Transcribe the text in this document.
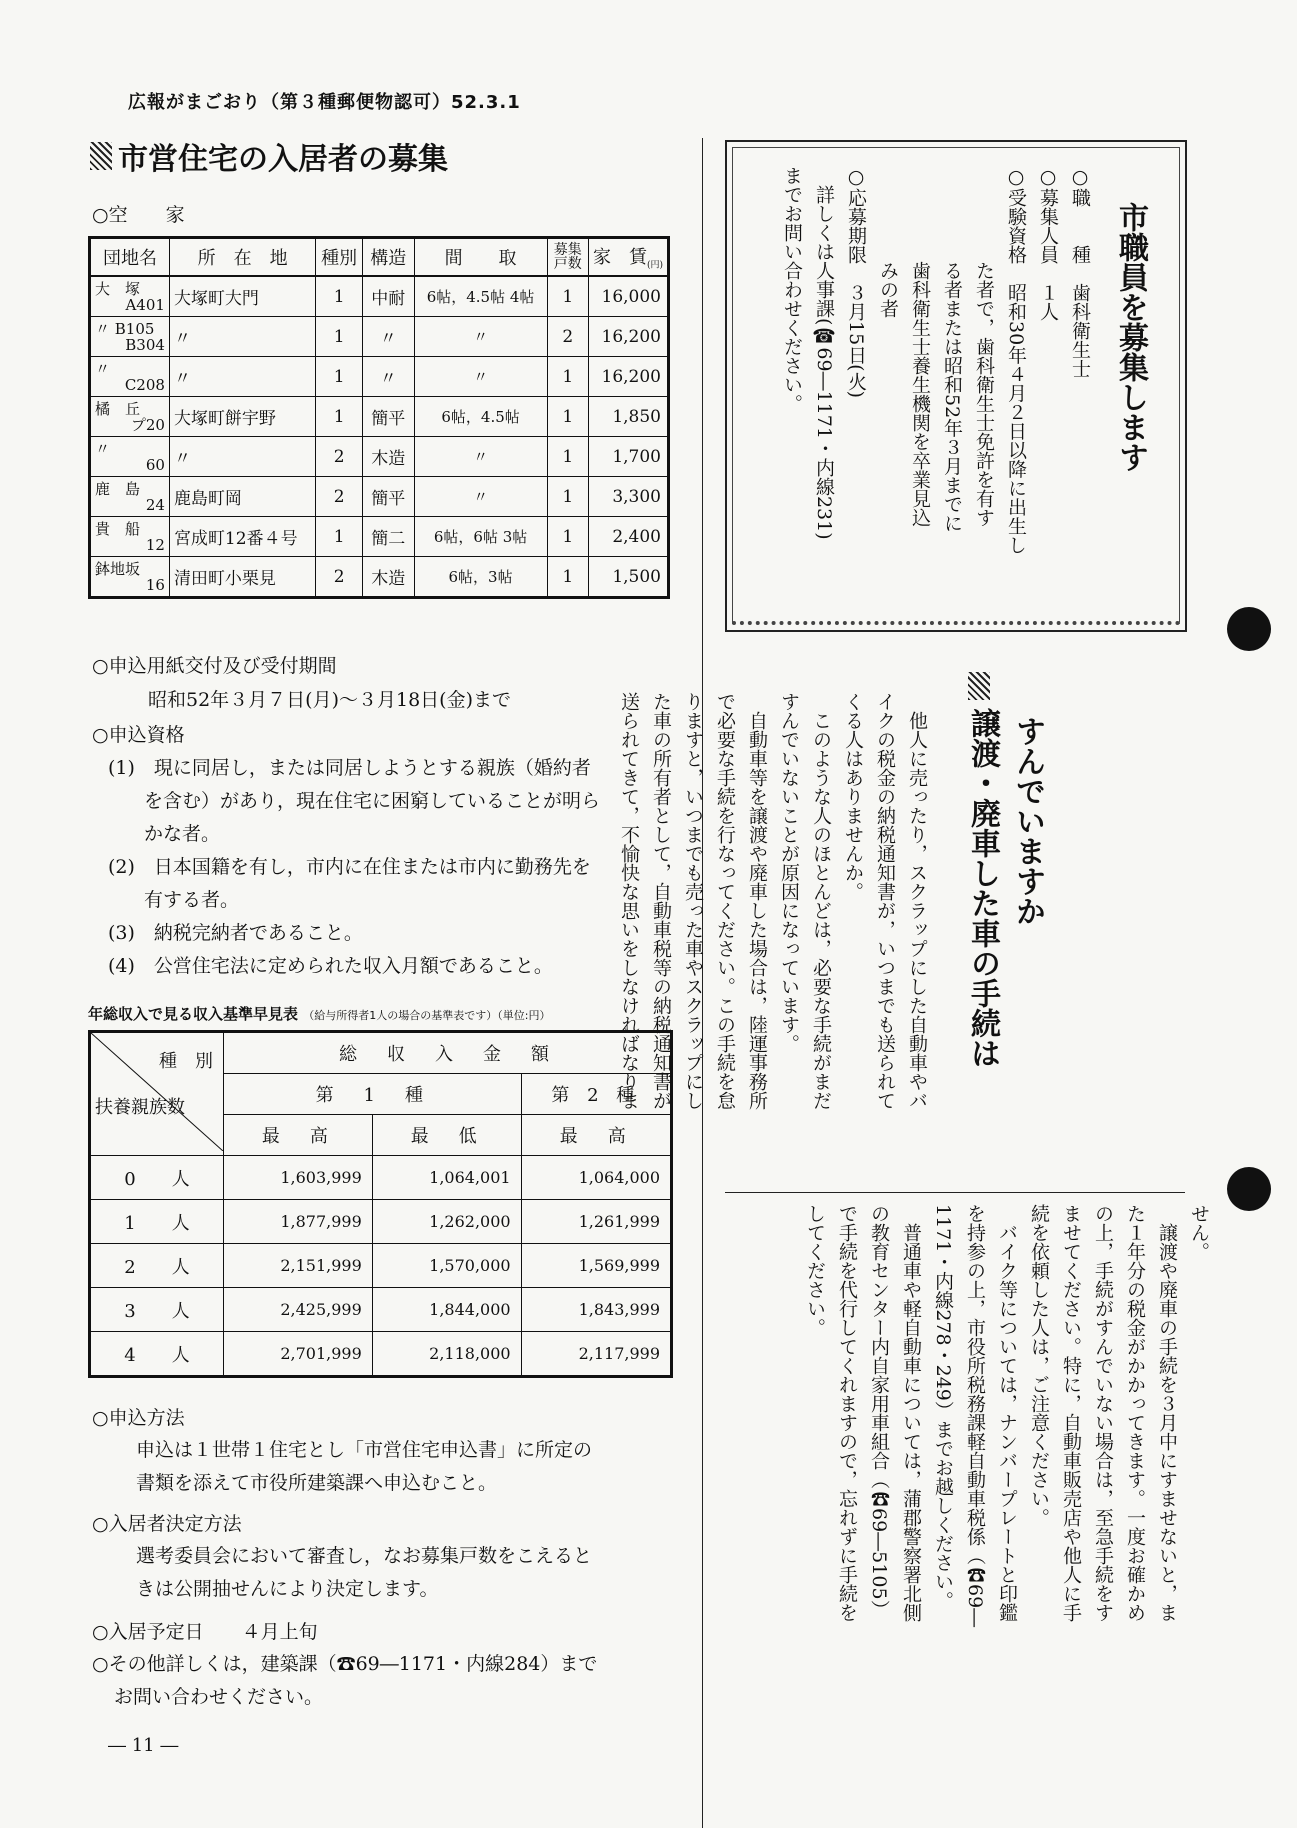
広報がまごおり（第３種郵便物認可）52.3.1
市営住宅の入居者の募集
○空　　家
団地名	所　在　地	種別	構造	間　　取	募集戸数	家　賃$_{(円)}$

大　塚
A401	大塚町大門	1	中耐	6帖，4.5帖 4帖	1	16,000

〃 B105
B304	〃	1	〃	〃	2	16,200

〃
C208	〃	1	〃	〃	1	16,200

橘　丘
プ20	大塚町餅宇野	1	簡平	6帖，4.5帖	1	1,850

〃
60	〃	2	木造	〃	1	1,700

鹿　島
24	鹿島町岡	2	簡平	〃	1	3,300

貴　船
12	宮成町12番４号	1	簡二	6帖，6帖 3帖	1	2,400

鉢地坂
16	清田町小栗見	2	木造	6帖，3帖	1	1,500
○申込用紙交付及び受付期間
昭和52年３月７日(月)～３月18日(金)まで
○申込資格
(1)　現に同居し，または同居しようとする親族（婚約者
を含む）があり，現在住宅に困窮していることが明ら
かな者。
(2)　日本国籍を有し，市内に在住または市内に勤務先を
有する者。
(3)　納税完納者であること。
(4)　公営住宅法に定められた収入月額であること。
年総収入で見る収入基準早見表 （給与所得者1人の場合の基準表です）（単位:円）
種　別
扶養親族数	総　収　入　金　額		
	第　1　種		第 2 種
	最　高	最　低	最　高
0　　人	1,603,999	1,064,001	1,064,000
1　　人	1,877,999	1,262,000	1,261,999
2　　人	2,151,999	1,570,000	1,569,999
3　　人	2,425,999	1,844,000	1,843,999
4　　人	2,701,999	2,118,000	2,117,999
○申込方法
申込は１世帯１住宅とし「市営住宅申込書」に所定の
書類を添えて市役所建築課へ申込むこと。
○入居者決定方法
選考委員会において審査し，なお募集戸数をこえると
きは公開抽せんにより決定します。
○入居予定日　　４月上旬
○その他詳しくは，建築課（☎69―1171・内線284）まで
お問い合わせください。
― 11 ―
市職員を募集します
○職　　種　歯科衛生士
○募集人員　１人
○受験資格　昭和30年４月２日以降に出生し
　　　　　た者で，歯科衛生士免許を有す
　　　　　る者または昭和52年３月までに
　　　　　歯科衛生士養生機関を卒業見込
　　　　　みの者
○応募期限　３月15日(火)
　詳しくは人事課(☎69―1171・内線231)
までお問い合わせください。
譲渡・廃車した車の手続は すんでいますか
　他人に売ったり，スクラップにした自動車やバ
イクの税金の納税通知書が，いつまでも送られて
くる人はありませんか。
　このような人のほとんどは，必要な手続がまだ
すんでいないことが原因になっています。
　自動車等を譲渡や廃車した場合は，陸運事務所
で必要な手続を行なってください。この手続を怠
りますと，いつまでも売った車やスクラップにし
た車の所有者として，自動車税等の納税通知書が
送られてきて，不愉快な思いをしなければなりま
せん。
　譲渡や廃車の手続を３月中にすませないと，ま
た１年分の税金がかかってきます。一度お確かめ
の上，手続がすんでいない場合は，至急手続をす
ませてください。特に，自動車販売店や他人に手
続を依頼した人は，ご注意ください。
　バイク等については，ナンバープレートと印鑑
を持参の上，市役所税務課軽自動車税係（☎69―
1171・内線278・249）までお越しください。
　普通車や軽自動車については，蒲郡警察署北側
の教育センター内自家用車組合（☎69―5105）
で手続を代行してくれますので，忘れずに手続を
してください。
